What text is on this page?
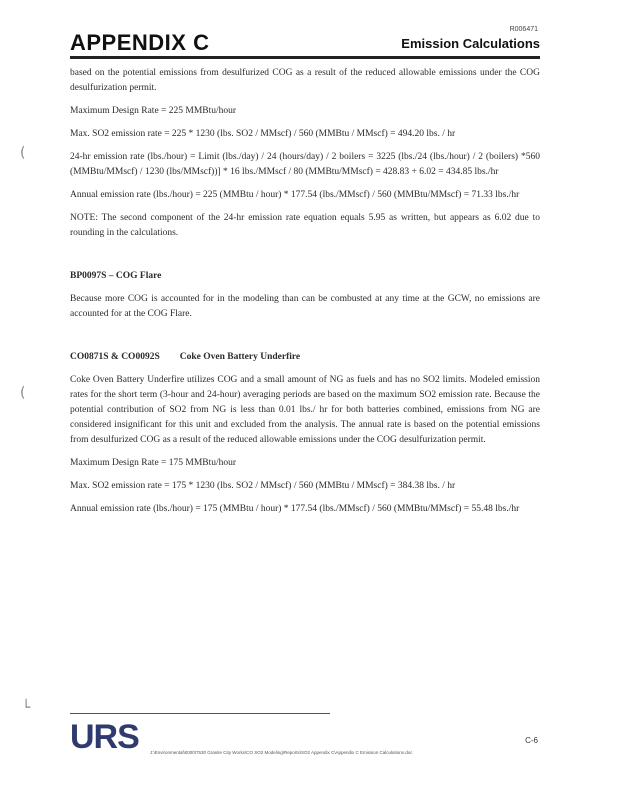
R006471
APPENDIX C	Emission Calculations
(
(
└

based on the potential emissions from desulfurized COG as a result of the reduced allowable emissions under the COG desulfurization permit.

Maximum Design Rate = 225 MMBtu/hour

Max. SO2 emission rate = 225 * 1230 (lbs. SO2 / MMscf) / 560 (MMBtu / MMscf) = 494.20 lbs. / hr

24-hr emission rate (lbs./hour) = Limit (lbs./day) / 24 (hours/day) / 2 boilers = 3225 (lbs./24 (lbs./hour) / 2 (boilers) *560 (MMBtu/MMscf) / 1230 (lbs/MMscf))] * 16 lbs./MMscf / 80 (MMBtu/MMscf) = 428.83 + 6.02 = 434.85 lbs./hr

Annual emission rate (lbs./hour) = 225 (MMBtu / hour) * 177.54 (lbs./MMscf) / 560 (MMBtu/MMscf) = 71.33 lbs./hr

NOTE: The second component of the 24-hr emission rate equation equals 5.95 as written, but appears as 6.02 due to rounding in the calculations.

BP0097S – COG Flare

Because more COG is accounted for in the modeling than can be combusted at any time at the GCW, no emissions are accounted for at the COG Flare.

CO0871S & CO0092S Coke Oven Battery Underfire

Coke Oven Battery Underfire utilizes COG and a small amount of NG as fuels and has no SO2 limits. Modeled emission rates for the short term (3-hour and 24-hour) averaging periods are based on the maximum SO2 emission rate. Because the potential contribution of SO2 from NG is less than 0.01 lbs./ hr for both batteries combined, emissions from NG are considered insignificant for this unit and excluded from the analysis. The annual rate is based on the potential emissions from desulfurized COG as a result of the reduced allowable emissions under the COG desulfurization permit.

Maximum Design Rate = 175 MMBtu/hour

Max. SO2 emission rate = 175 * 1230 (lbs. SO2 / MMscf) / 560 (MMBtu / MMscf) = 384.38 lbs. / hr

Annual emission rate (lbs./hour) = 175 (MMBtu / hour) * 177.54 (lbs./MMscf) / 560 (MMBtu/MMscf) = 55.48 lbs./hr

URS	C-6
J:\Environmental\0000\7530 Granite City Works\CO SO2 Modeling\Reports\SO2 Appendix C\Appendix C Emission Calculations.doc
